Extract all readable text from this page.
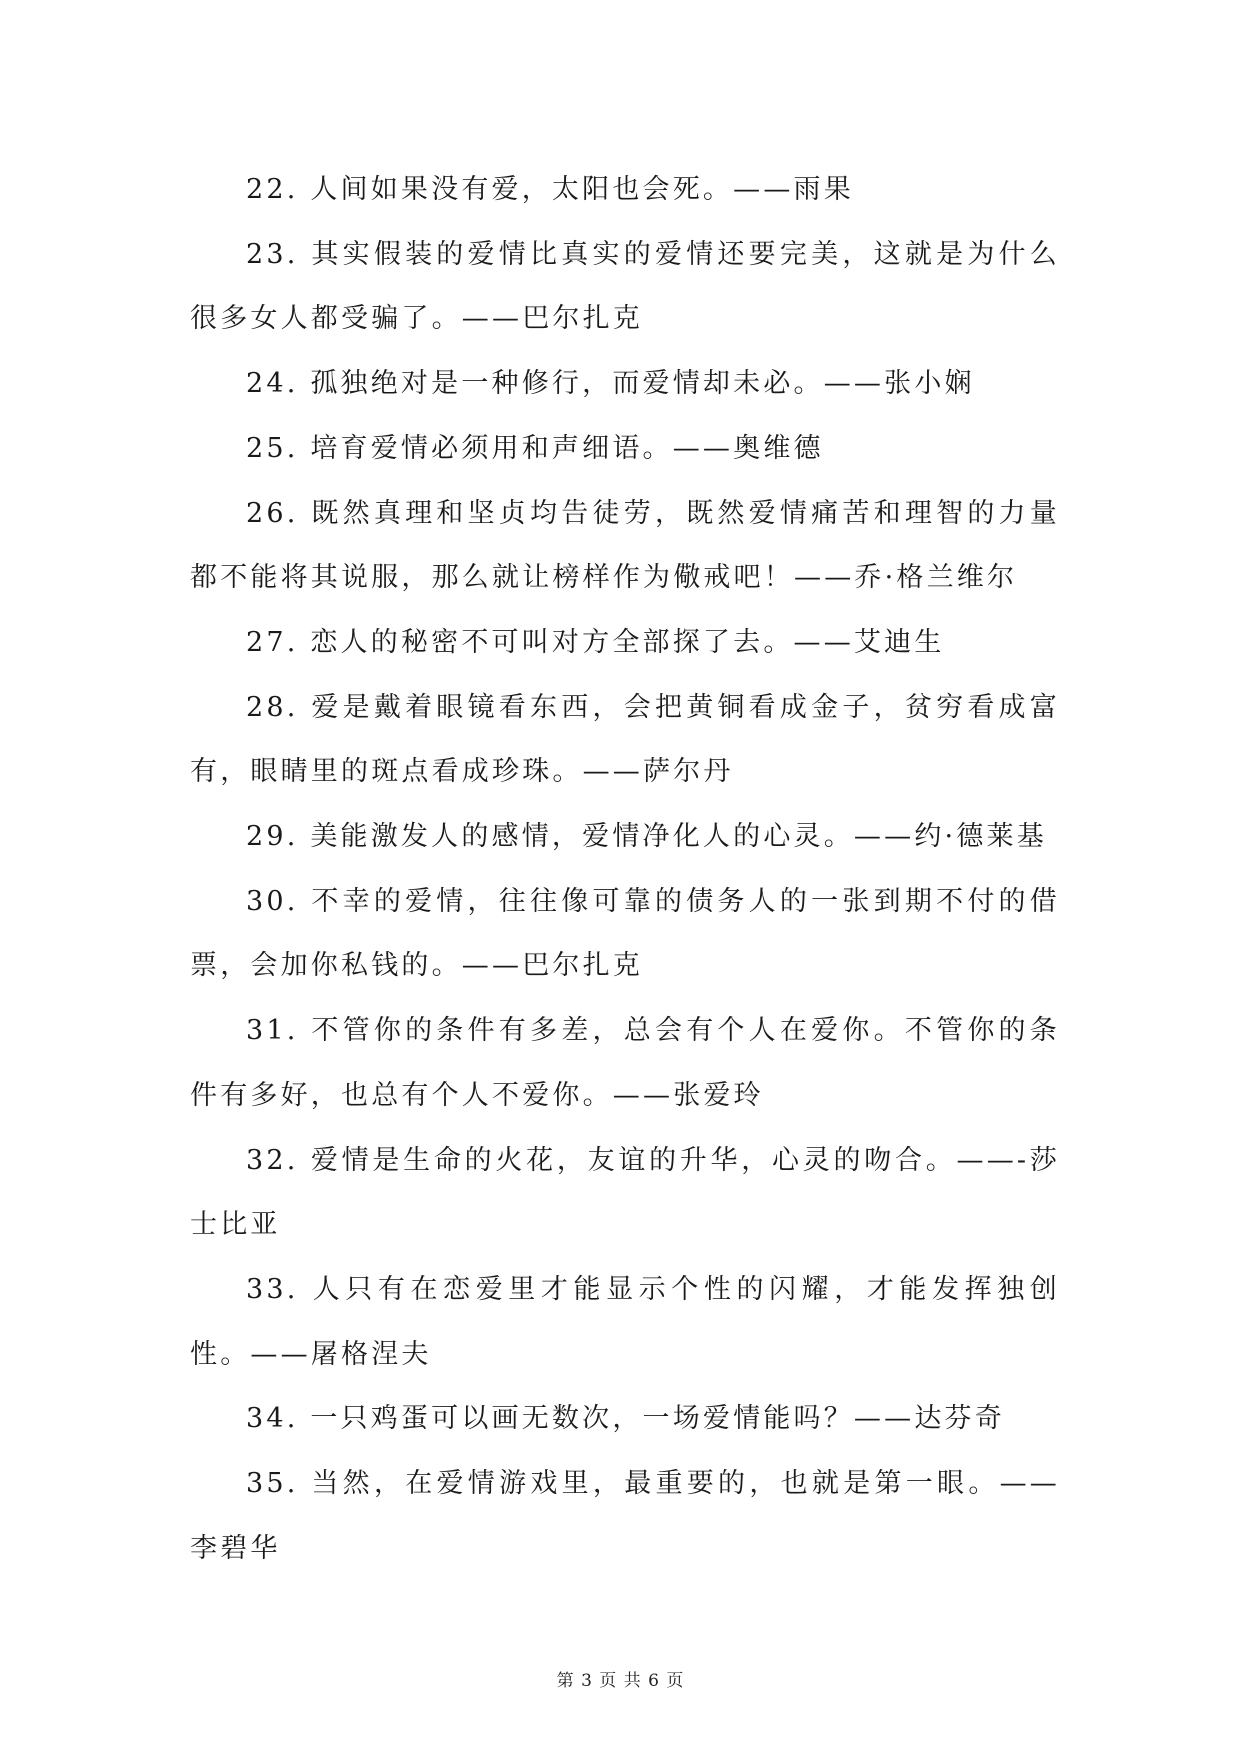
22. 人间如果没有爱，太阳也会死。——雨果

23. 其实假装的爱情比真实的爱情还要完美，这就是为什么很多女人都受骗了。——巴尔扎克

24. 孤独绝对是一种修行，而爱情却未必。——张小娴

25. 培育爱情必须用和声细语。——奥维德

26. 既然真理和坚贞均告徒劳，既然爱情痛苦和理智的力量都不能将其说服，那么就让榜样作为儆戒吧！——乔·格兰维尔

27. 恋人的秘密不可叫对方全部探了去。——艾迪生

28. 爱是戴着眼镜看东西，会把黄铜看成金子，贫穷看成富有，眼睛里的斑点看成珍珠。——萨尔丹

29. 美能激发人的感情，爱情净化人的心灵。——约·德莱基

30. 不幸的爱情，往往像可靠的债务人的一张到期不付的借票，会加你私钱的。——巴尔扎克

31. 不管你的条件有多差，总会有个人在爱你。不管你的条件有多好，也总有个人不爱你。——张爱玲

32. 爱情是生命的火花，友谊的升华，心灵的吻合。——-莎士比亚

33. 人只有在恋爱里才能显示个性的闪耀，才能发挥独创性。——屠格涅夫

34. 一只鸡蛋可以画无数次，一场爱情能吗？——达芬奇

35. 当然，在爱情游戏里，最重要的，也就是第一眼。——李碧华

第 3 页 共 6 页
